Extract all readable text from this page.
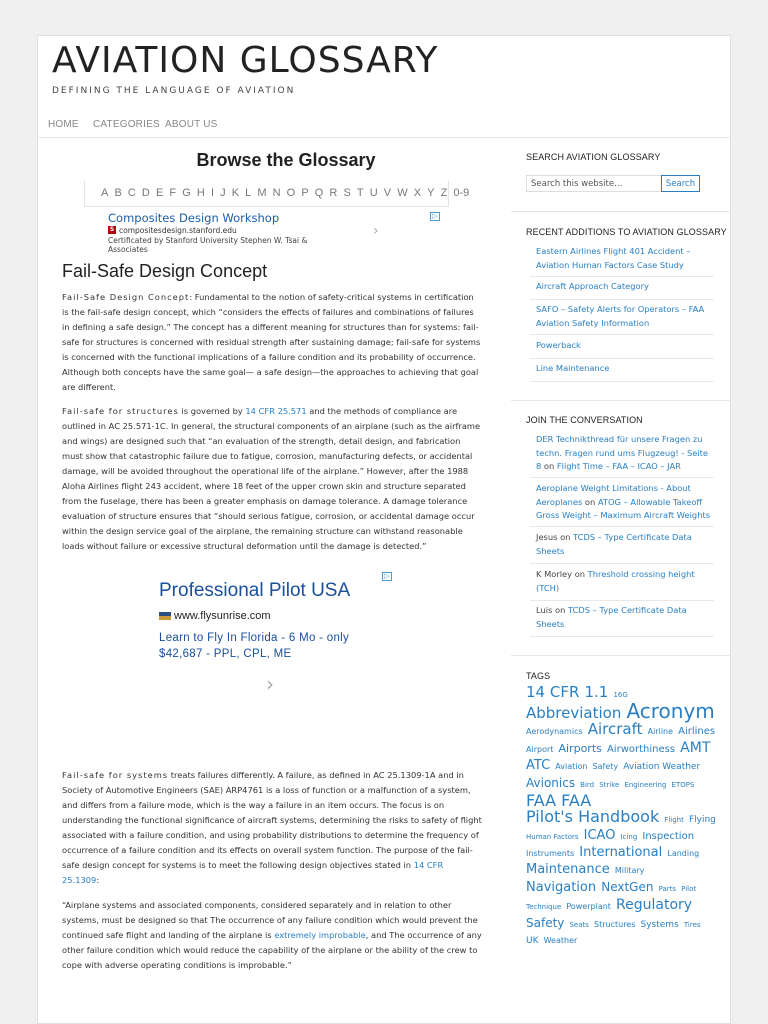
AVIATION GLOSSARY
DEFINING THE LANGUAGE OF AVIATION
HOME CATEGORIES ABOUT US
Browse the Glossary
A B C D E F G H I J K L M N O P Q R S T U V W X Y Z 0-9
Composites Design Workshop
S compositesdesign.stanford.edu
Certificated by Stanford University Stephen W. Tsai & Associates
▷
›
Fail-Safe Design Concept

Fail-Safe Design Concept: Fundamental to the notion of safety-critical systems in certification is the fail-safe design concept, which “considers the effects of failures and combinations of failures in defining a safe design.” The concept has a different meaning for structures than for systems: fail-safe for structures is concerned with residual strength after sustaining damage; fail-safe for systems is concerned with the functional implications of a failure condition and its probability of occurrence. Although both concepts have the same goal— a safe design—the approaches to achieving that goal are different.

Fail-safe for structures is governed by 14 CFR 25.571 and the methods of compliance are outlined in AC 25.571-1C. In general, the structural components of an airplane (such as the airframe and wings) are designed such that “an evaluation of the strength, detail design, and fabrication must show that catastrophic failure due to fatigue, corrosion, manufacturing defects, or accidental damage, will be avoided throughout the operational life of the airplane.” However, after the 1988 Aloha Airlines flight 243 accident, where 18 feet of the upper crown skin and structure separated from the fuselage, there has been a greater emphasis on damage tolerance. A damage tolerance evaluation of structure ensures that “should serious fatigue, corrosion, or accidental damage occur within the design service goal of the airplane, the remaining structure can withstand reasonable loads without failure or excessive structural deformation until the damage is detected.”

Professional Pilot USA
www.flysunrise.com
Learn to Fly In Florida - 6 Mo - only $42,687 - PPL, CPL, ME
▷
›

Fail-safe for systems treats failures differently. A failure, as defined in AC 25.1309-1A and in Society of Automotive Engineers (SAE) ARP4761 is a loss of function or a malfunction of a system, and differs from a failure mode, which is the way a failure in an item occurs. The focus is on understanding the functional significance of aircraft systems, determining the risks to safety of flight associated with a failure condition, and using probability distributions to determine the frequency of occurrence of a failure condition and its effects on overall system function. The purpose of the fail-safe design concept for systems is to meet the following design objectives stated in 14 CFR 25.1309:

“Airplane systems and associated components, considered separately and in relation to other systems, must be designed so that The occurrence of any failure condition which would prevent the continued safe flight and landing of the airplane is extremely improbable, and The occurrence of any other failure condition which would reduce the capability of the airplane or the ability of the crew to cope with adverse operating conditions is improbable.”

SEARCH AVIATION GLOSSARY
Search this website…
Search
RECENT ADDITIONS TO AVIATION GLOSSARY
Eastern Airlines Flight 401 Accident – Aviation Human Factors Case Study
Aircraft Approach Category
SAFO – Safety Alerts for Operators – FAA Aviation Safety Information
Powerback
Line Maintenance
JOIN THE CONVERSATION
DER Technikthread für unsere Fragen zu techn. Fragen rund ums Flugzeug! - Seite 8 on Flight Time – FAA – ICAO – JAR
Aeroplane Weight Limitations - About Aeroplanes on ATOG – Allowable Takeoff Gross Weight – Maximum Aircraft Weights
Jesus on TCDS – Type Certificate Data Sheets
K Morley on Threshold crossing height (TCH)
Luis on TCDS – Type Certificate Data Sheets
TAGS
14 CFR 1.1 16G Abbreviation Acronym Aerodynamics Aircraft Airline Airlines Airport Airports Airworthiness AMT ATC Aviation Safety Aviation Weather Avionics Bird Strike Engineering ETOPS FAA FAA Pilot's Handbook Flight Flying Human Factors ICAO Icing Inspection Instruments International Landing Maintenance Military Navigation NextGen Parts Pilot Technique Powerplant Regulatory Safety Seats Structures Systems Tires UK Weather
